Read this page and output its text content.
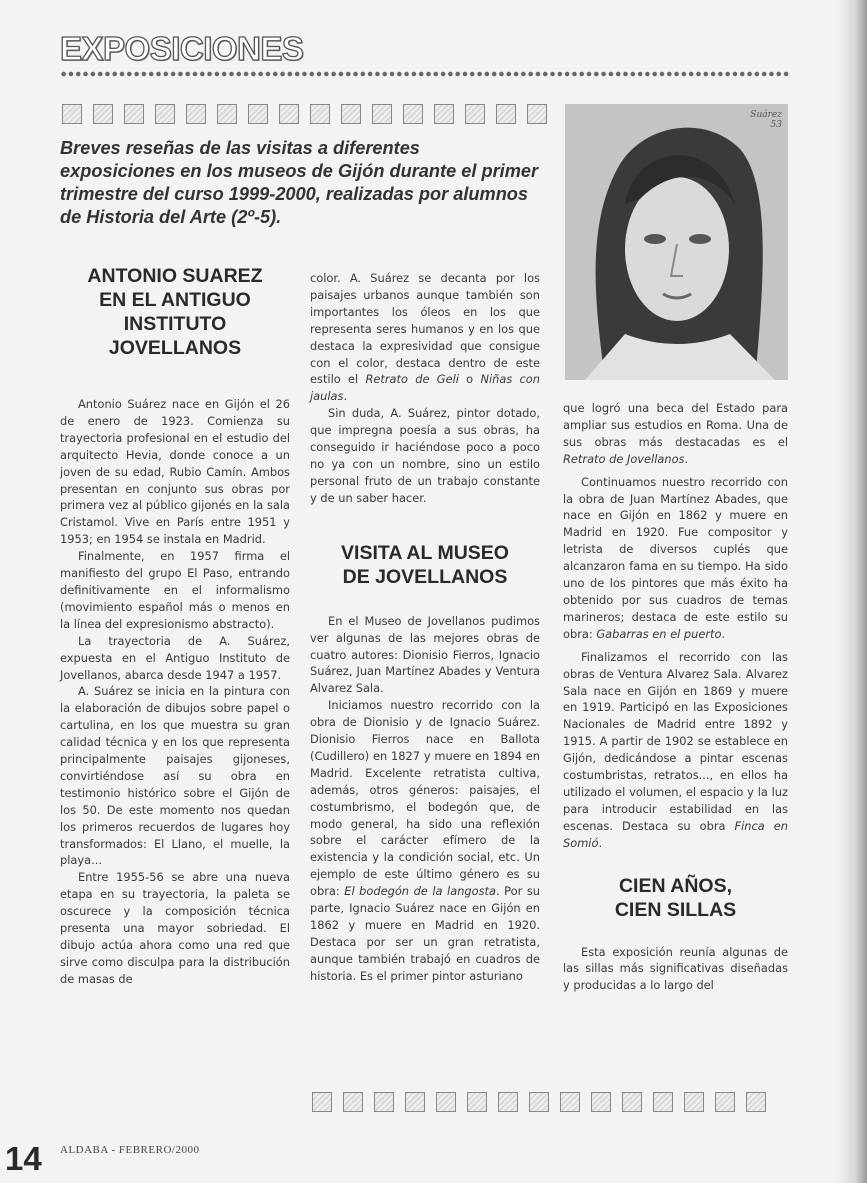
EXPOSICIONES

Breves reseñas de las visitas a diferentes exposiciones en los museos de Gijón durante el primer trimestre del curso 1999-2000, realizadas por alumnos de Historia del Arte (2º-5).

Suárez
53
ANTONIO SUAREZ
EN EL ANTIGUO
INSTITUTO
JOVELLANOS

Antonio Suárez nace en Gijón el 26 de enero de 1923. Comienza su trayectoria profesional en el estudio del arquitecto Hevia, donde conoce a un joven de su edad, Rubio Camín. Ambos presentan en conjunto sus obras por primera vez al público gijonés en la sala Cristamol. Vive en París entre 1951 y 1953; en 1954 se instala en Madrid.

Finalmente, en 1957 firma el manifiesto del grupo El Paso, entrando definitivamente en el informalismo (movimiento español más o menos en la línea del expresionismo abstracto).

La trayectoria de A. Suárez, expuesta en el Antiguo Instituto de Jovellanos, abarca desde 1947 a 1957.

A. Suárez se inicia en la pintura con la elaboración de dibujos sobre papel o cartulina, en los que muestra su gran calidad técnica y en los que representa principalmente paisajes gijoneses, convirtiéndose así su obra en testimonio histórico sobre el Gijón de los 50. De este momento nos quedan los primeros recuerdos de lugares hoy transformados: El Llano, el muelle, la playa...

Entre 1955-56 se abre una nueva etapa en su trayectoria, la paleta se oscurece y la composición técnica presenta una mayor sobriedad. El dibujo actúa ahora como una red que sirve como disculpa para la distribución de masas de

color. A. Suárez se decanta por los paisajes urbanos aunque también son importantes los óleos en los que representa seres humanos y en los que destaca la expresividad que consigue con el color, destaca dentro de este estilo el Retrato de Geli o Niñas con jaulas.

Sin duda, A. Suárez, pintor dotado, que impregna poesía a sus obras, ha conseguido ir haciéndose poco a poco no ya con un nombre, sino un estilo personal fruto de un trabajo constante y de un saber hacer.

VISITA AL MUSEO
DE JOVELLANOS

En el Museo de Jovellanos pudimos ver algunas de las mejores obras de cuatro autores: Dionisio Fierros, Ignacio Suárez, Juan Martínez Abades y Ventura Alvarez Sala.

Iniciamos nuestro recorrido con la obra de Dionisio y de Ignacio Suárez. Dionisio Fierros nace en Ballota (Cudillero) en 1827 y muere en 1894 en Madrid. Excelente retratista cultiva, además, otros géneros: paisajes, el costumbrismo, el bodegón que, de modo general, ha sido una reflexión sobre el carácter efímero de la existencia y la condición social, etc. Un ejemplo de este último género es su obra: El bodegón de la langosta. Por su parte, Ignacio Suárez nace en Gijón en 1862 y muere en Madrid en 1920. Destaca por ser un gran retratista, aunque también trabajó en cuadros de historia. Es el primer pintor asturiano

que logró una beca del Estado para ampliar sus estudios en Roma. Una de sus obras más destacadas es el Retrato de Jovellanos.

Continuamos nuestro recorrido con la obra de Juan Martínez Abades, que nace en Gijón en 1862 y muere en Madrid en 1920. Fue compositor y letrista de diversos cuplés que alcanzaron fama en su tiempo. Ha sido uno de los pintores que más éxito ha obtenido por sus cuadros de temas marineros; destaca de este estilo su obra: Gabarras en el puerto.

Finalizamos el recorrido con las obras de Ventura Alvarez Sala. Alvarez Sala nace en Gijón en 1869 y muere en 1919. Participó en las Exposiciones Nacionales de Madrid entre 1892 y 1915. A partir de 1902 se establece en Gijón, dedicándose a pintar escenas costumbristas, retratos..., en ellos ha utilizado el volumen, el espacio y la luz para introducir estabilidad en las escenas. Destaca su obra Finca en Somió.

CIEN AÑOS,
CIEN SILLAS

Esta exposición reunía algunas de las sillas más significativas diseñadas y producidas a lo largo del

14 ALDABA - FEBRERO/2000
